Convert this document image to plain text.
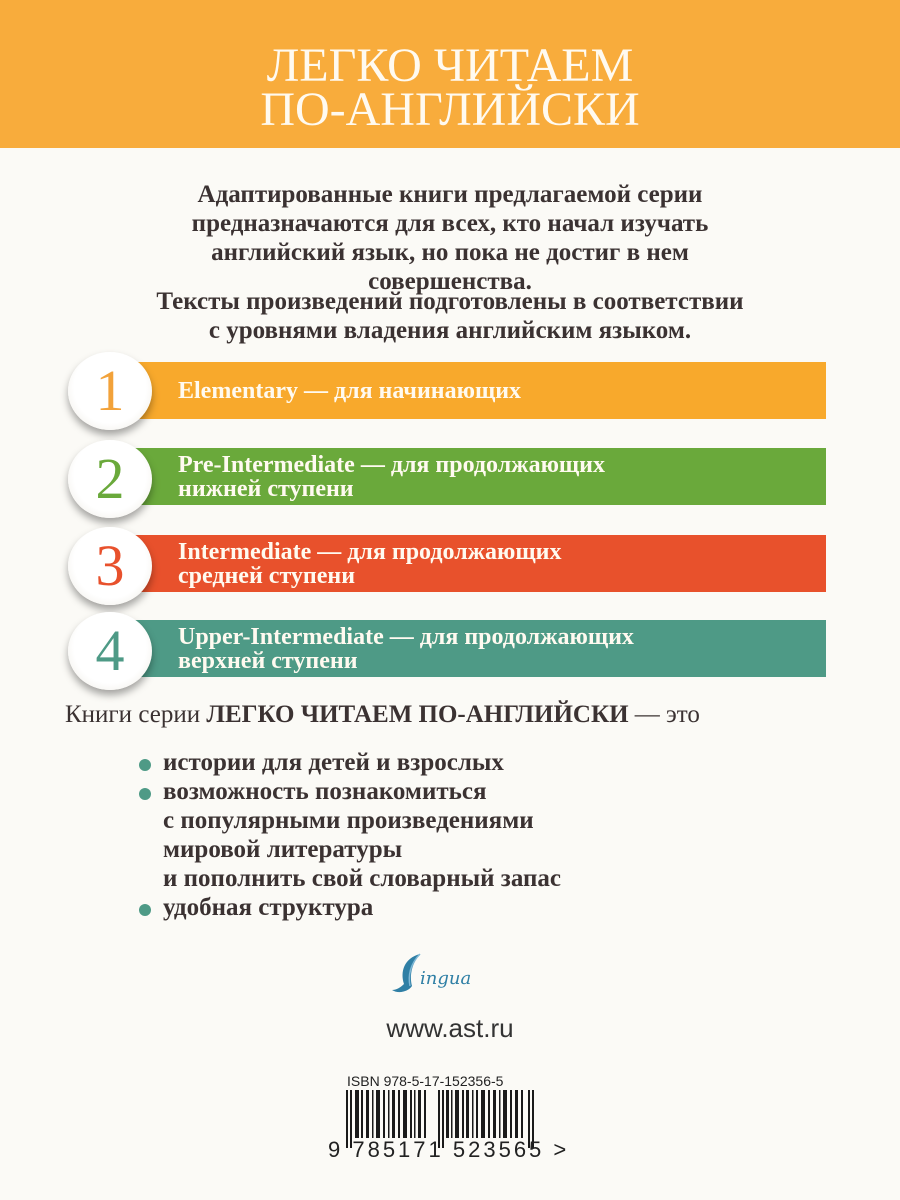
ЛЕГКО ЧИТАЕМ
ПО-АНГЛИЙСКИ
Адаптированные книги предлагаемой серии
предназначаются для всех, кто начал изучать
английский язык, но пока не достиг в нем
совершенства.
Тексты произведений подготовлены в соответствии
с уровнями владения английским языком.
Elementary — для начинающих
1
Pre-Intermediate — для продолжающих
нижней ступени
2
Intermediate — для продолжающих
средней ступени
3
Upper-Intermediate — для продолжающих
верхней ступени
4
Книги серии ЛЕГКО ЧИТАЕМ ПО-АНГЛИЙСКИ — это
истории для детей и взрослых
возможность познакомиться
с популярными произведениями
мировой литературы
и пополнить свой словарный запас
удобная структура
ingua
www.ast.ru
ISBN 978-5-17-152356-5
9 785171 523565 >
